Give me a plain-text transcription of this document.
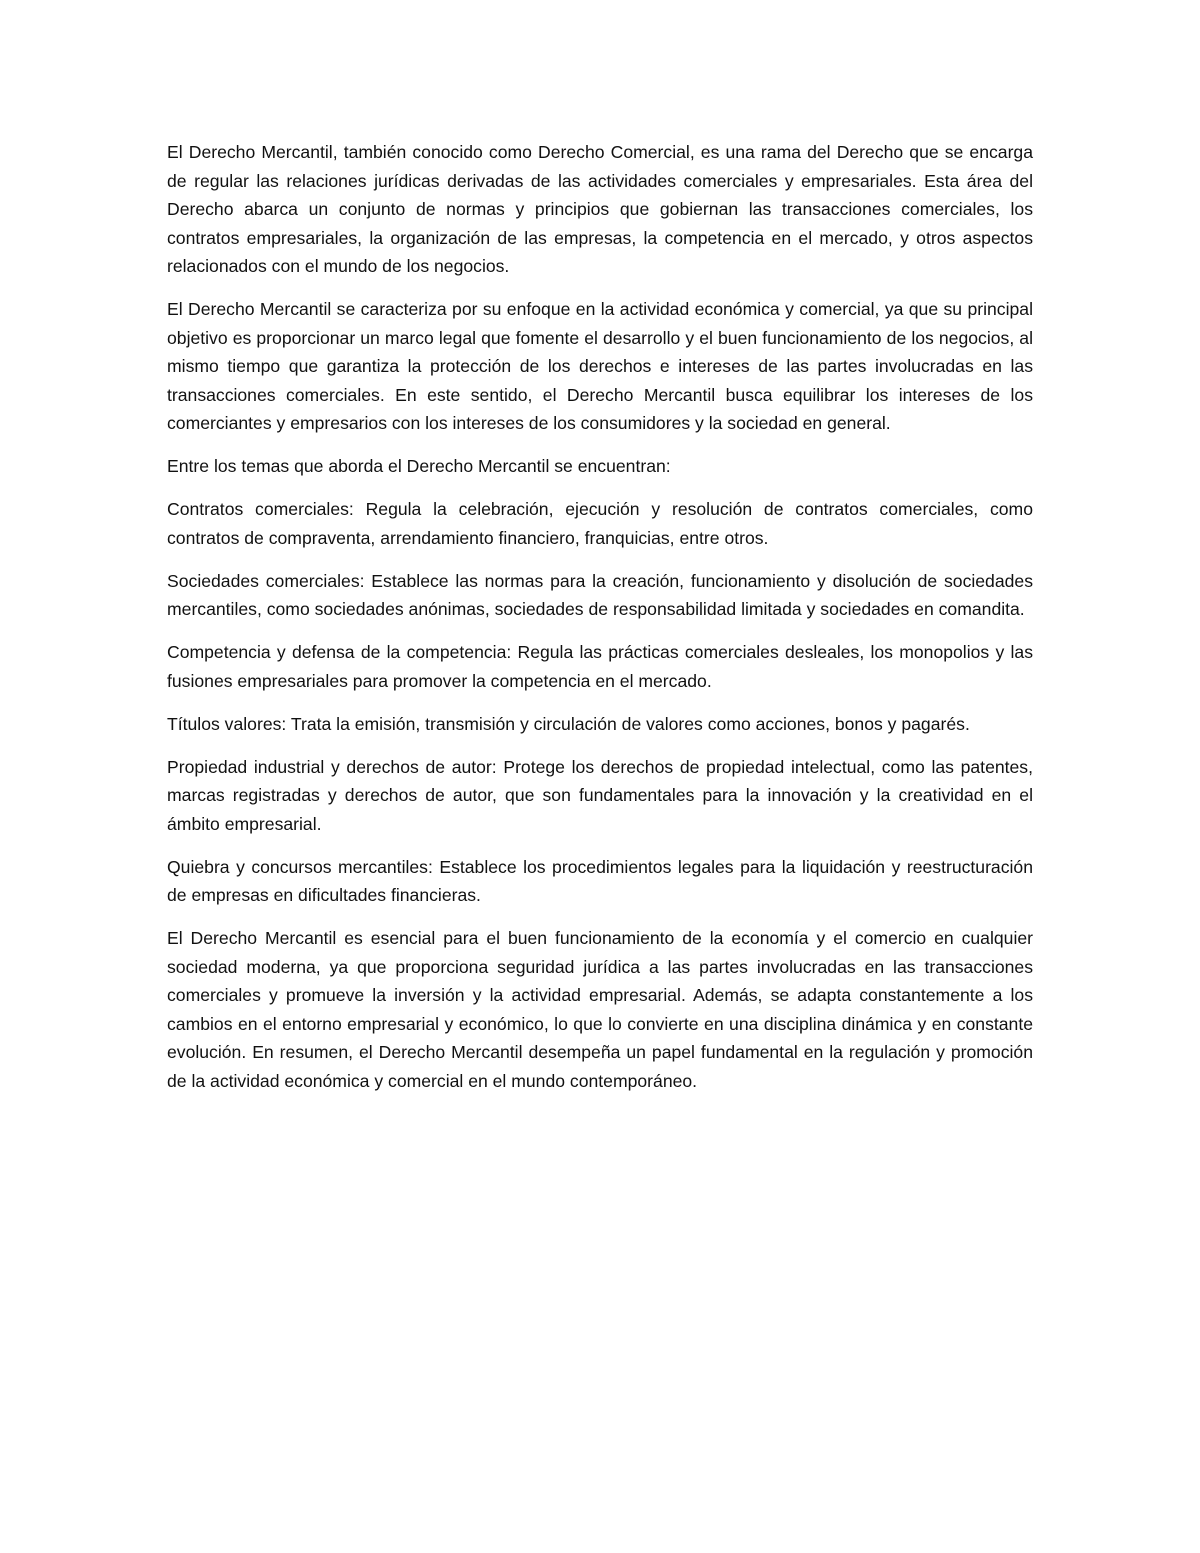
El Derecho Mercantil, también conocido como Derecho Comercial, es una rama del Derecho que se encarga de regular las relaciones jurídicas derivadas de las actividades comerciales y empresariales. Esta área del Derecho abarca un conjunto de normas y principios que gobiernan las transacciones comerciales, los contratos empresariales, la organización de las empresas, la competencia en el mercado, y otros aspectos relacionados con el mundo de los negocios.

El Derecho Mercantil se caracteriza por su enfoque en la actividad económica y comercial, ya que su principal objetivo es proporcionar un marco legal que fomente el desarrollo y el buen funcionamiento de los negocios, al mismo tiempo que garantiza la protección de los derechos e intereses de las partes involucradas en las transacciones comerciales. En este sentido, el Derecho Mercantil busca equilibrar los intereses de los comerciantes y empresarios con los intereses de los consumidores y la sociedad en general.

Entre los temas que aborda el Derecho Mercantil se encuentran:

Contratos comerciales: Regula la celebración, ejecución y resolución de contratos comerciales, como contratos de compraventa, arrendamiento financiero, franquicias, entre otros.

Sociedades comerciales: Establece las normas para la creación, funcionamiento y disolución de sociedades mercantiles, como sociedades anónimas, sociedades de responsabilidad limitada y sociedades en comandita.

Competencia y defensa de la competencia: Regula las prácticas comerciales desleales, los monopolios y las fusiones empresariales para promover la competencia en el mercado.

Títulos valores: Trata la emisión, transmisión y circulación de valores como acciones, bonos y pagarés.

Propiedad industrial y derechos de autor: Protege los derechos de propiedad intelectual, como las patentes, marcas registradas y derechos de autor, que son fundamentales para la innovación y la creatividad en el ámbito empresarial.

Quiebra y concursos mercantiles: Establece los procedimientos legales para la liquidación y reestructuración de empresas en dificultades financieras.

El Derecho Mercantil es esencial para el buen funcionamiento de la economía y el comercio en cualquier sociedad moderna, ya que proporciona seguridad jurídica a las partes involucradas en las transacciones comerciales y promueve la inversión y la actividad empresarial. Además, se adapta constantemente a los cambios en el entorno empresarial y económico, lo que lo convierte en una disciplina dinámica y en constante evolución. En resumen, el Derecho Mercantil desempeña un papel fundamental en la regulación y promoción de la actividad económica y comercial en el mundo contemporáneo.
